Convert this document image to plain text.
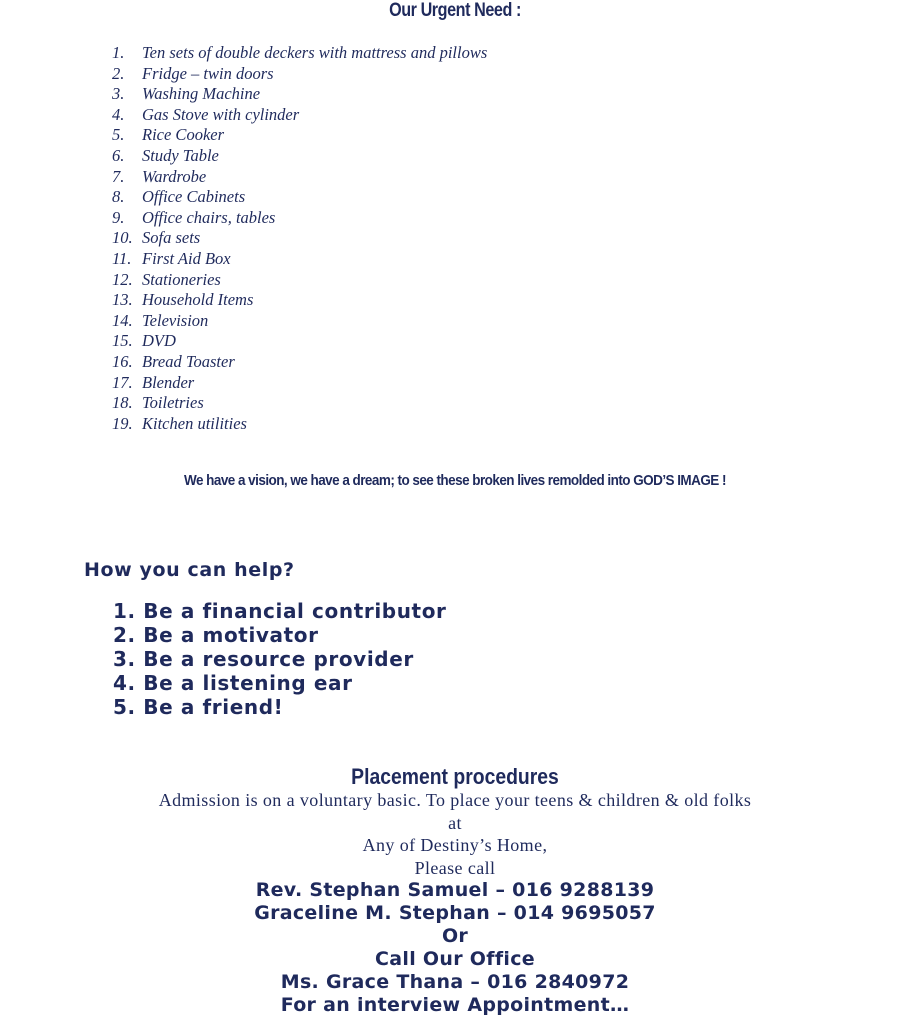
Our Urgent Need :
1. Ten sets of double deckers with mattress and pillows
2. Fridge – twin doors
3. Washing Machine
4. Gas Stove with cylinder
5. Rice Cooker
6. Study Table
7. Wardrobe
8. Office Cabinets
9. Office chairs, tables
10. Sofa sets
11. First Aid Box
12. Stationeries
13. Household Items
14. Television
15. DVD
16. Bread Toaster
17. Blender
18. Toiletries
19. Kitchen utilities
We have a vision, we have a dream; to see these broken lives remolded into GOD’S IMAGE !
How you can help?
1. Be a financial contributor
2. Be a motivator
3. Be a resource provider
4. Be a listening ear
5. Be a friend!
Placement procedures
Admission is on a voluntary basic. To place your teens & children & old folks
at
Any of Destiny’s Home,
Please call
Rev. Stephan Samuel – 016 9288139
Graceline M. Stephan – 014 9695057
Or
Call Our Office
Ms. Grace Thana – 016 2840972
For an interview Appointment…
